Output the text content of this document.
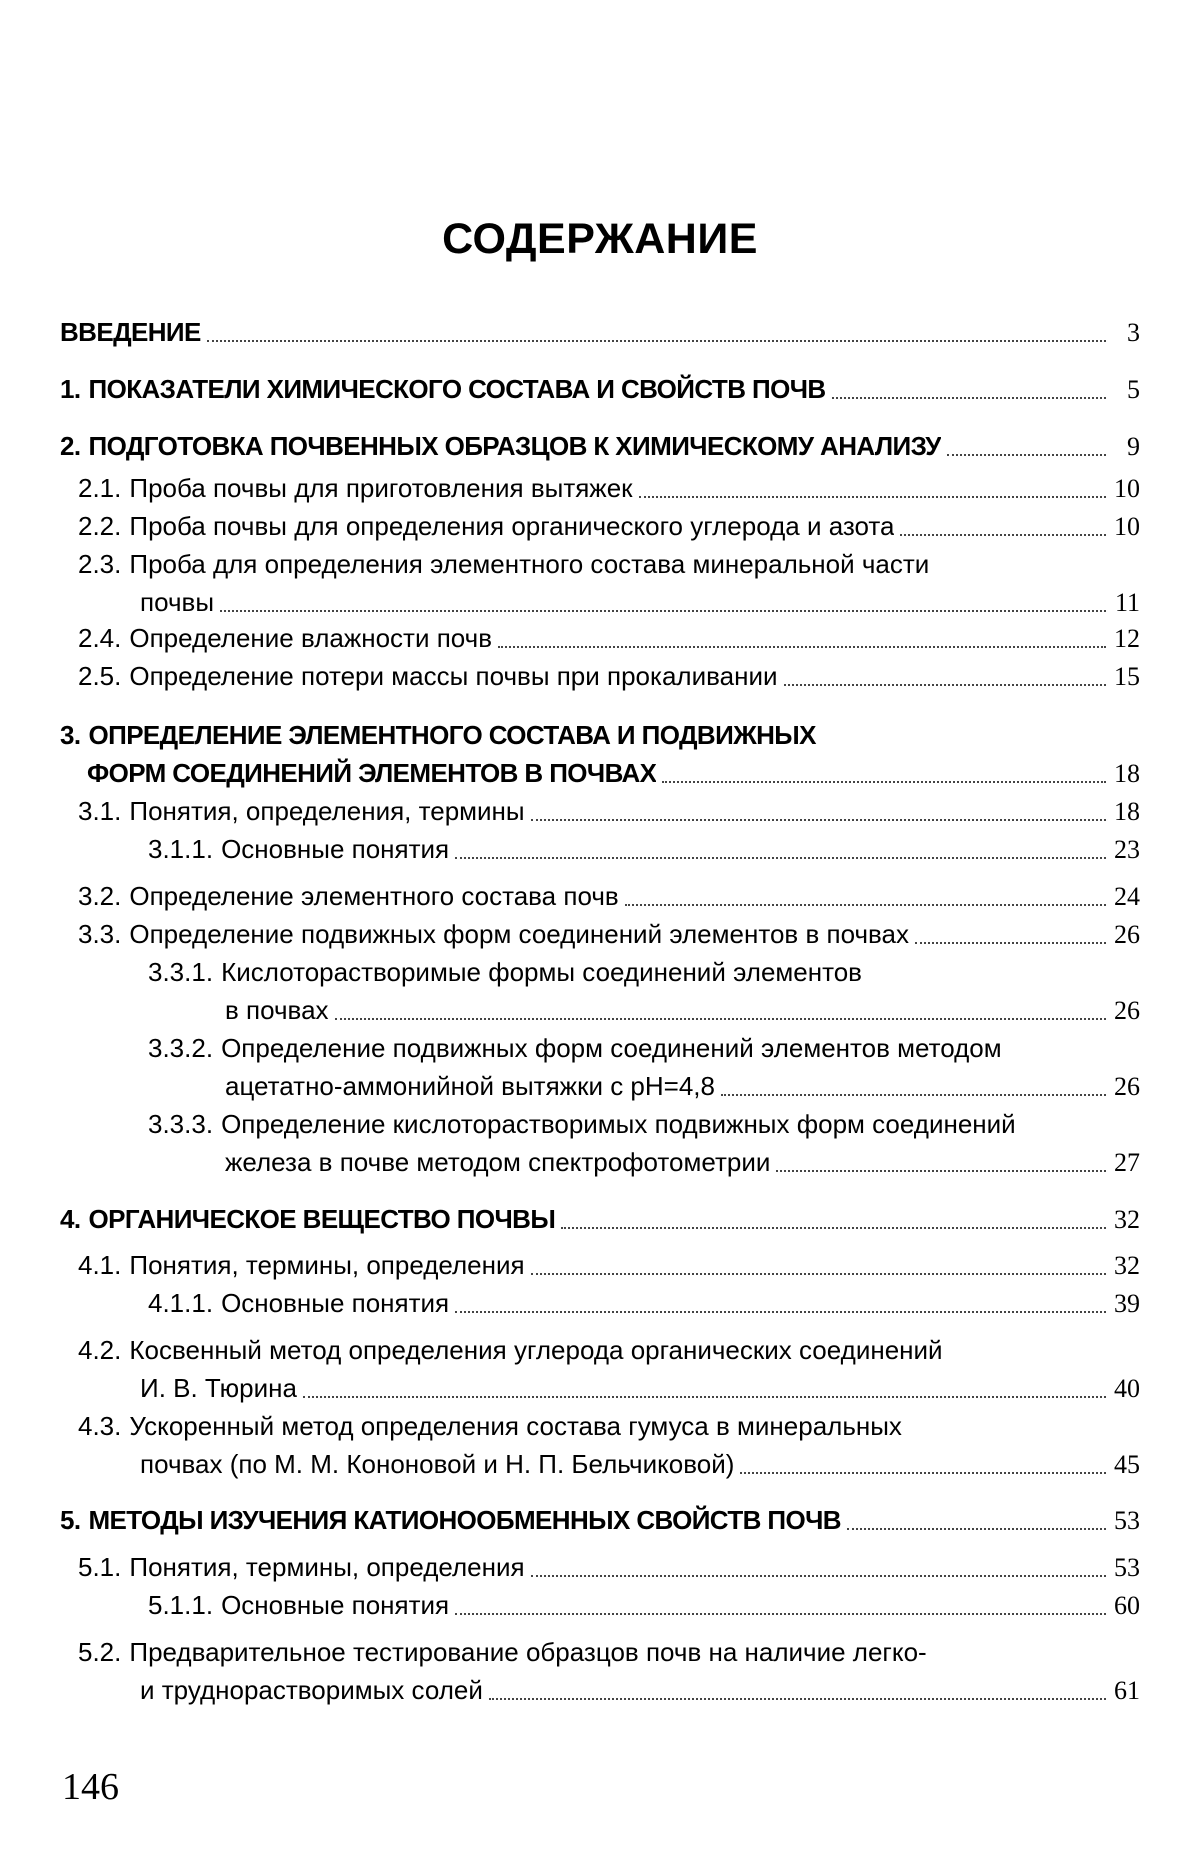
СОДЕРЖАНИЕ
ВВЕДЕНИЕ	3
1. ПОКАЗАТЕЛИ ХИМИЧЕСКОГО СОСТАВА И СВОЙСТВ ПОЧВ	5
2. ПОДГОТОВКА ПОЧВЕННЫХ ОБРАЗЦОВ К ХИМИЧЕСКОМУ АНАЛИЗУ	9
2.1. Проба почвы для приготовления вытяжек	10
2.2. Проба почвы для определения органического углерода и азота	10
2.3. Проба для определения элементного состава минеральной части
почвы	11
2.4. Определение влажности почв	12
2.5. Определение потери массы почвы при прокаливании	15
3. ОПРЕДЕЛЕНИЕ ЭЛЕМЕНТНОГО СОСТАВА И ПОДВИЖНЫХ
ФОРМ СОЕДИНЕНИЙ ЭЛЕМЕНТОВ В ПОЧВАХ	18
3.1. Понятия, определения, термины	18
3.1.1. Основные понятия	23
3.2. Определение элементного состава почв	24
3.3. Определение подвижных форм соединений элементов в почвах	26
3.3.1. Кислоторастворимые формы соединений элементов
в почвах	26
3.3.2. Определение подвижных форм соединений элементов методом
ацетатно-аммонийной вытяжки с pH=4,8	26
3.3.3. Определение кислоторастворимых подвижных форм соединений
железа в почве методом спектрофотометрии	27
4. ОРГАНИЧЕСКОЕ ВЕЩЕСТВО ПОЧВЫ	32
4.1. Понятия, термины, определения	32
4.1.1. Основные понятия	39
4.2. Косвенный метод определения углерода органических соединений
И. В. Тюрина	40
4.3. Ускоренный метод определения состава гумуса в минеральных
почвах (по М. М. Кононовой и Н. П. Бельчиковой)	45
5. МЕТОДЫ ИЗУЧЕНИЯ КАТИОНООБМЕННЫХ СВОЙСТВ ПОЧВ	53
5.1. Понятия, термины, определения	53
5.1.1. Основные понятия	60
5.2. Предварительное тестирование образцов почв на наличие легко-
и труднорастворимых солей	61
146
